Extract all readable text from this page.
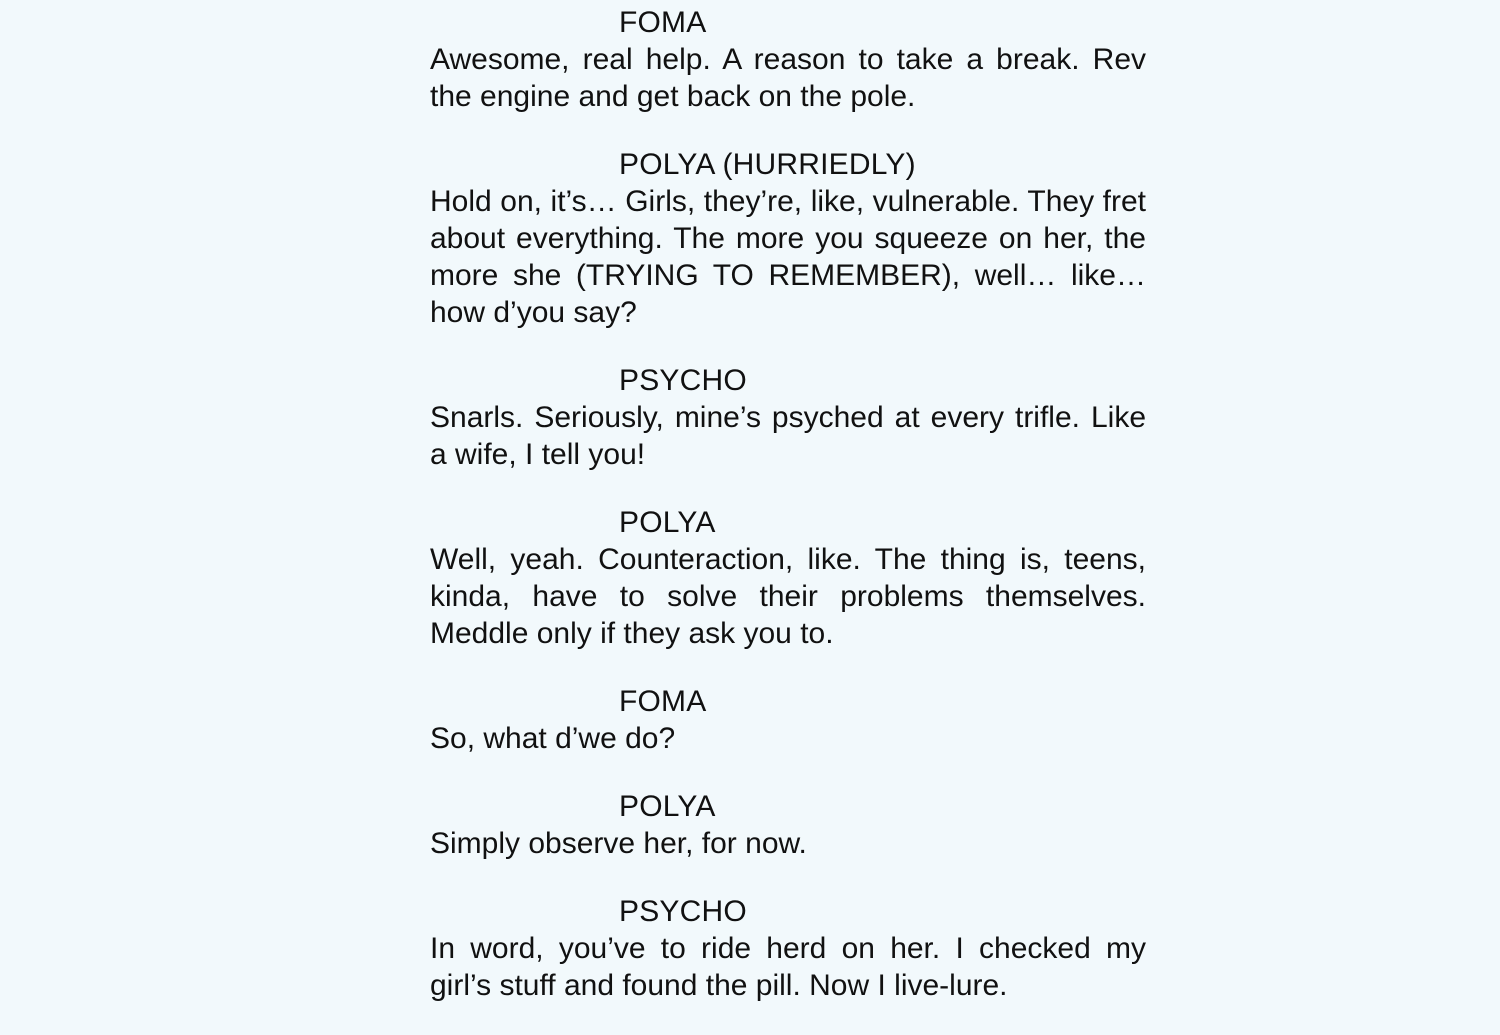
FOMA
Awesome, real help. A reason to take a break. Rev the engine and get back on the pole.
POLYA (HURRIEDLY)
Hold on, it’s… Girls, they’re, like, vulnerable. They fret about everything. The more you squeeze on her, the more she (TRYING TO REMEMBER), well… like… how d’you say?
PSYCHO
Snarls. Seriously, mine’s psyched at every trifle. Like a wife, I tell you!
POLYA
Well, yeah. Counteraction, like. The thing is, teens, kinda, have to solve their problems themselves. Meddle only if they ask you to.
FOMA
So, what d’we do?
POLYA
Simply observe her, for now.
PSYCHO
In word, you’ve to ride herd on her. I checked my girl’s stuff and found the pill. Now I live-lure.
